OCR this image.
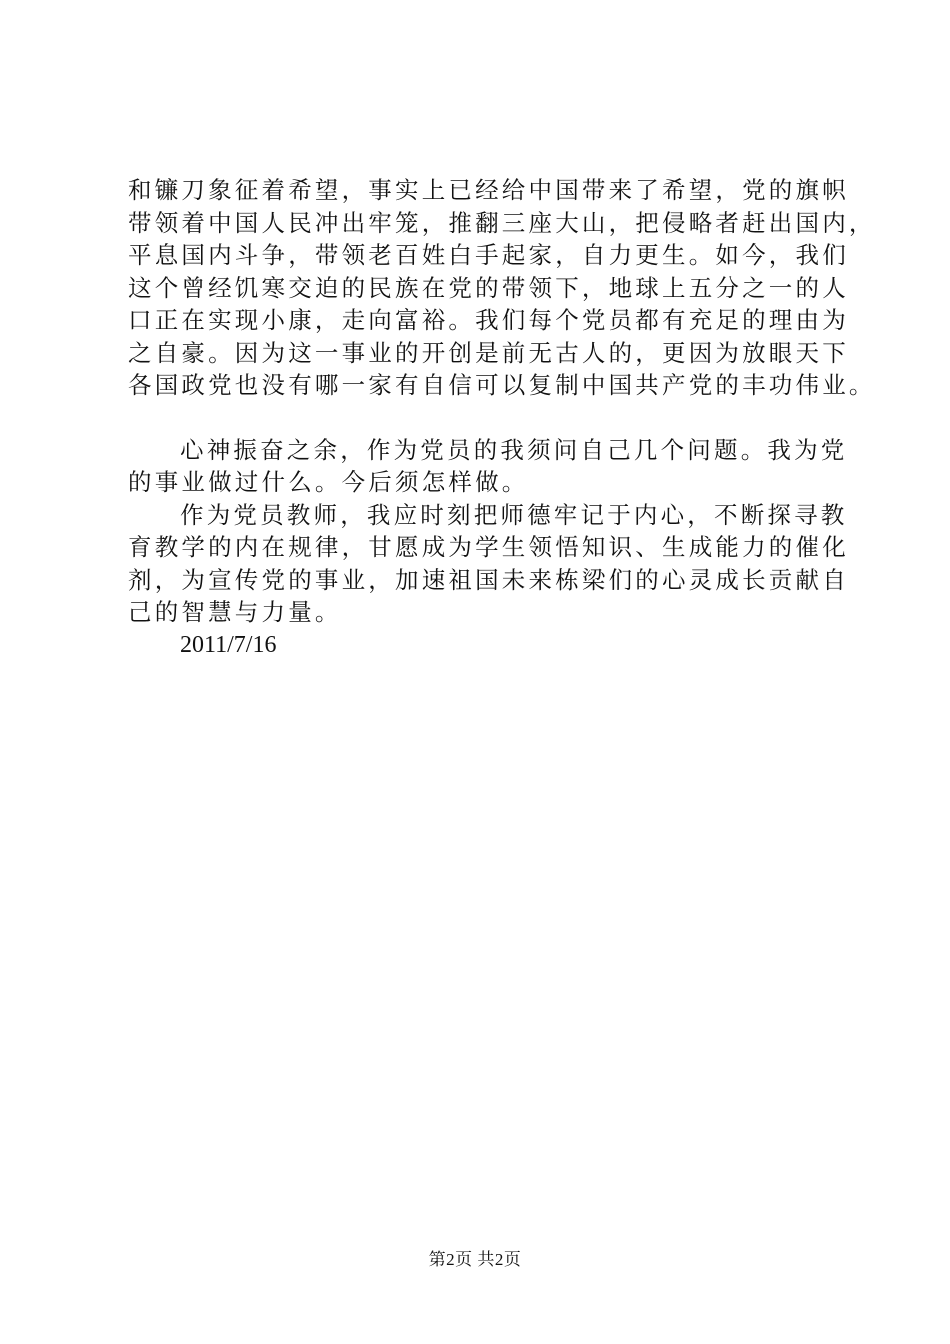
和镰刀象征着希望，事实上已经给中国带来了希望，党的旗帜
带领着中国人民冲出牢笼，推翻三座大山，把侵略者赶出国内，
平息国内斗争，带领老百姓白手起家，自力更生。如今，我们
这个曾经饥寒交迫的民族在党的带领下，地球上五分之一的人
口正在实现小康，走向富裕。我们每个党员都有充足的理由为
之自豪。因为这一事业的开创是前无古人的，更因为放眼天下
各国政党也没有哪一家有自信可以复制中国共产党的丰功伟业。
心神振奋之余，作为党员的我须问自己几个问题。我为党
的事业做过什么。今后须怎样做。
作为党员教师，我应时刻把师德牢记于内心，不断探寻教
育教学的内在规律，甘愿成为学生领悟知识、生成能力的催化
剂，为宣传党的事业，加速祖国未来栋梁们的心灵成长贡献自
己的智慧与力量。
2011/7/16
第2页 共2页
